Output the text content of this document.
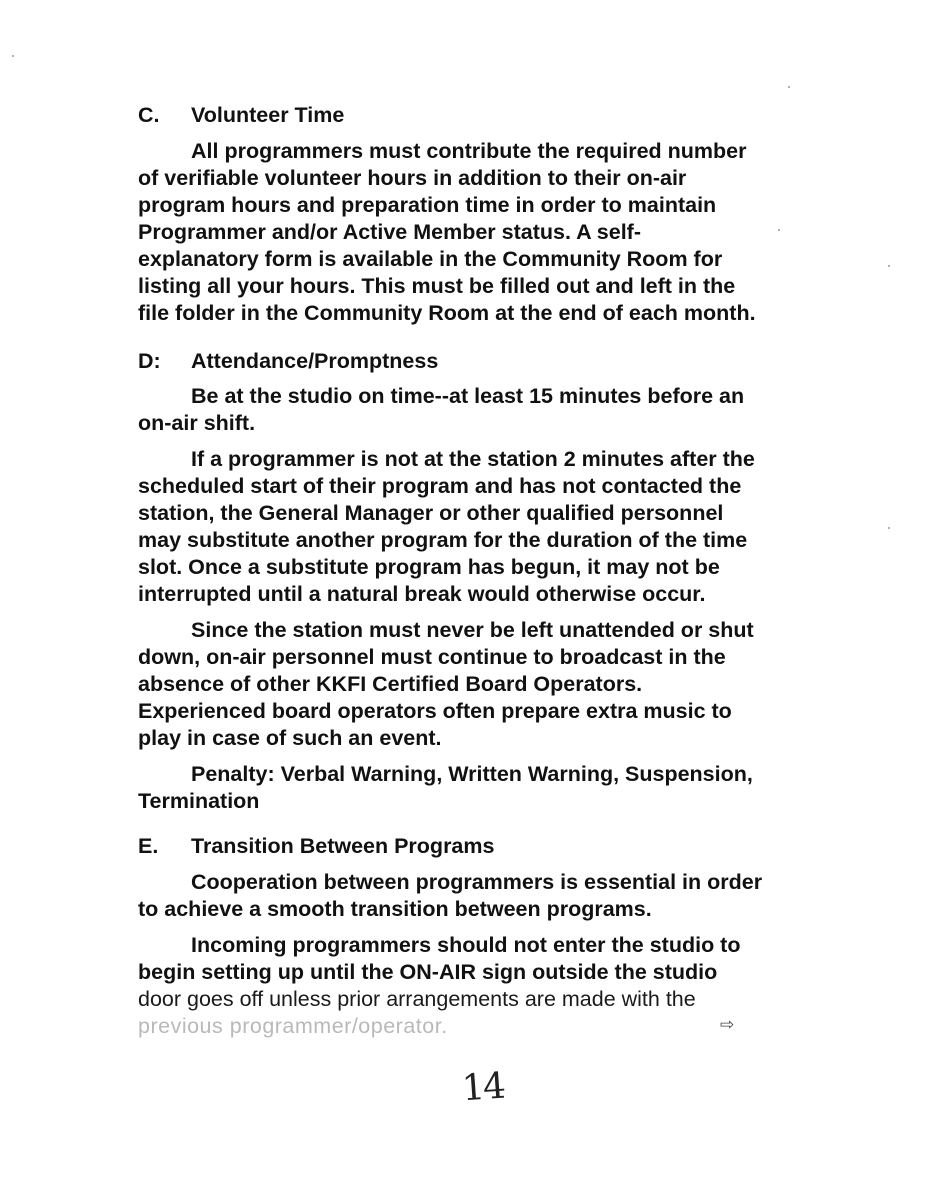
C. Volunteer Time
All programmers must contribute the required number
of verifiable volunteer hours in addition to their on-air
program hours and preparation time in order to maintain
Programmer and/or Active Member status. A self-
explanatory form is available in the Community Room for
listing all your hours. This must be filled out and left in the
file folder in the Community Room at the end of each month.
D: Attendance/Promptness
Be at the studio on time--at least 15 minutes before an
on-air shift.
If a programmer is not at the station 2 minutes after the
scheduled start of their program and has not contacted the
station, the General Manager or other qualified personnel
may substitute another program for the duration of the time
slot. Once a substitute program has begun, it may not be
interrupted until a natural break would otherwise occur.
Since the station must never be left unattended or shut
down, on-air personnel must continue to broadcast in the
absence of other KKFI Certified Board Operators.
Experienced board operators often prepare extra music to
play in case of such an event.
Penalty: Verbal Warning, Written Warning, Suspension,
Termination
E. Transition Between Programs
Cooperation between programmers is essential in order
to achieve a smooth transition between programs.
Incoming programmers should not enter the studio to
begin setting up until the ON-AIR sign outside the studio
door goes off unless prior arrangements are made with the
previous programmer/operator.	⇨
14
